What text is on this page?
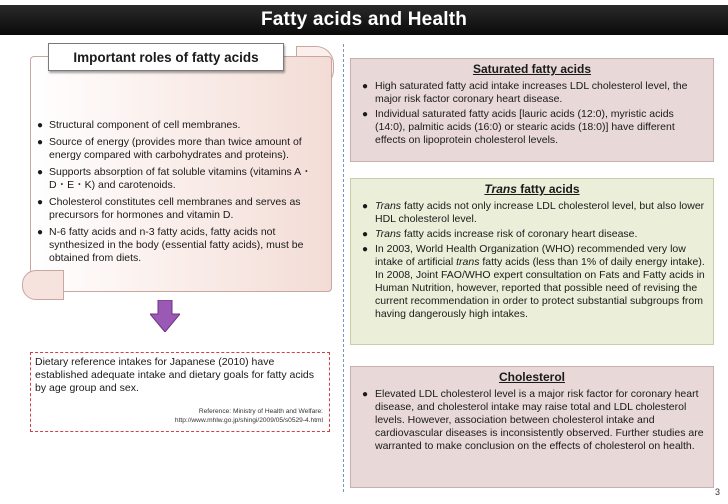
Fatty acids and Health
Important roles of fatty acids
● Structural component of cell membranes.
● Source of energy (provides more than twice amount of energy compared with carbohydrates and proteins).
● Supports absorption of fat soluble vitamins (vitamins A・D・E・K) and carotenoids.
● Cholesterol constitutes cell membranes and serves as precursors for hormones and vitamin D.
● N-6 fatty acids and n-3 fatty acids, fatty acids not synthesized in the body (essential fatty acids), must be obtained from diets.
Dietary reference intakes for Japanese (2010) have established adequate intake and dietary goals for fatty acids by age group and sex.
Reference: Ministry of Health and Welfare:
http://www.mhlw.go.jp/shingi/2009/05/s0529-4.html
Saturated fatty acids
● High saturated fatty acid intake increases LDL cholesterol level, the major risk factor coronary heart disease.
● Individual saturated fatty acids [lauric acids (12:0), myristic acids (14:0), palmitic acids (16:0) or stearic acids (18:0)] have different effects on lipoprotein cholesterol levels.
Trans fatty acids
● Trans fatty acids not only increase LDL cholesterol level, but also lower HDL cholesterol level.
● Trans fatty acids increase risk of coronary heart disease.
● In 2003, World Health Organization (WHO) recommended very low intake of artificial trans fatty acids (less than 1% of daily energy intake). In 2008, Joint FAO/WHO expert consultation on Fats and Fatty acids in Human Nutrition, however, reported that possible need of revising the current recommendation in order to protect substantial subgroups from having dangerously high intakes.
Cholesterol
● Elevated LDL cholesterol level is a major risk factor for coronary heart disease, and cholesterol intake may raise total and LDL cholesterol levels. However, association between cholesterol intake and cardiovascular diseases is inconsistently observed. Further studies are warranted to make conclusion on the effects of cholesterol on health.
3
